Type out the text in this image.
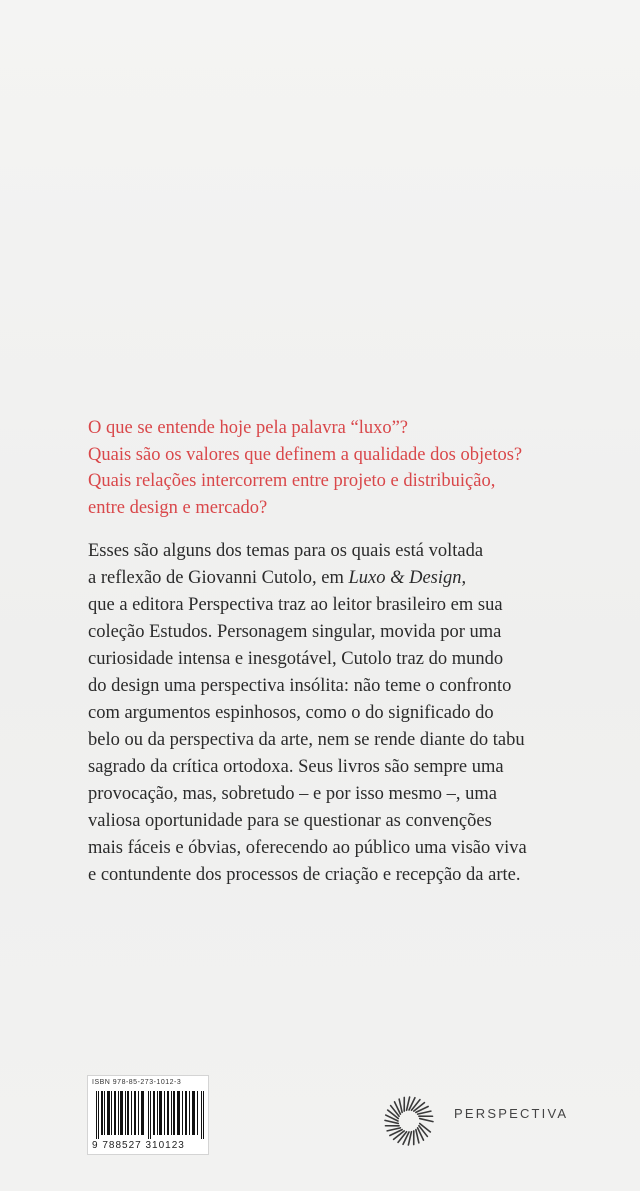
O que se entende hoje pela palavra “luxo”?
Quais são os valores que definem a qualidade dos objetos?
Quais relações intercorrem entre projeto e distribuição,
entre design e mercado?

Esses são alguns dos temas para os quais está voltada
a reflexão de Giovanni Cutolo, em Luxo & Design,
que a editora Perspectiva traz ao leitor brasileiro em sua
coleção Estudos. Personagem singular, movida por uma
curiosidade intensa e inesgotável, Cutolo traz do mundo
do design uma perspectiva insólita: não teme o confronto
com argumentos espinhosos, como o do significado do
belo ou da perspectiva da arte, nem se rende diante do tabu
sagrado da crítica ortodoxa. Seus livros são sempre uma
provocação, mas, sobretudo – e por isso mesmo –, uma
valiosa oportunidade para se questionar as convenções
mais fáceis e óbvias, oferecendo ao público uma visão viva
e contundente dos processos de criação e recepção da arte.

ISBN 978-85-273-1012-3
9 788527 310123
PERSPECTIVA
